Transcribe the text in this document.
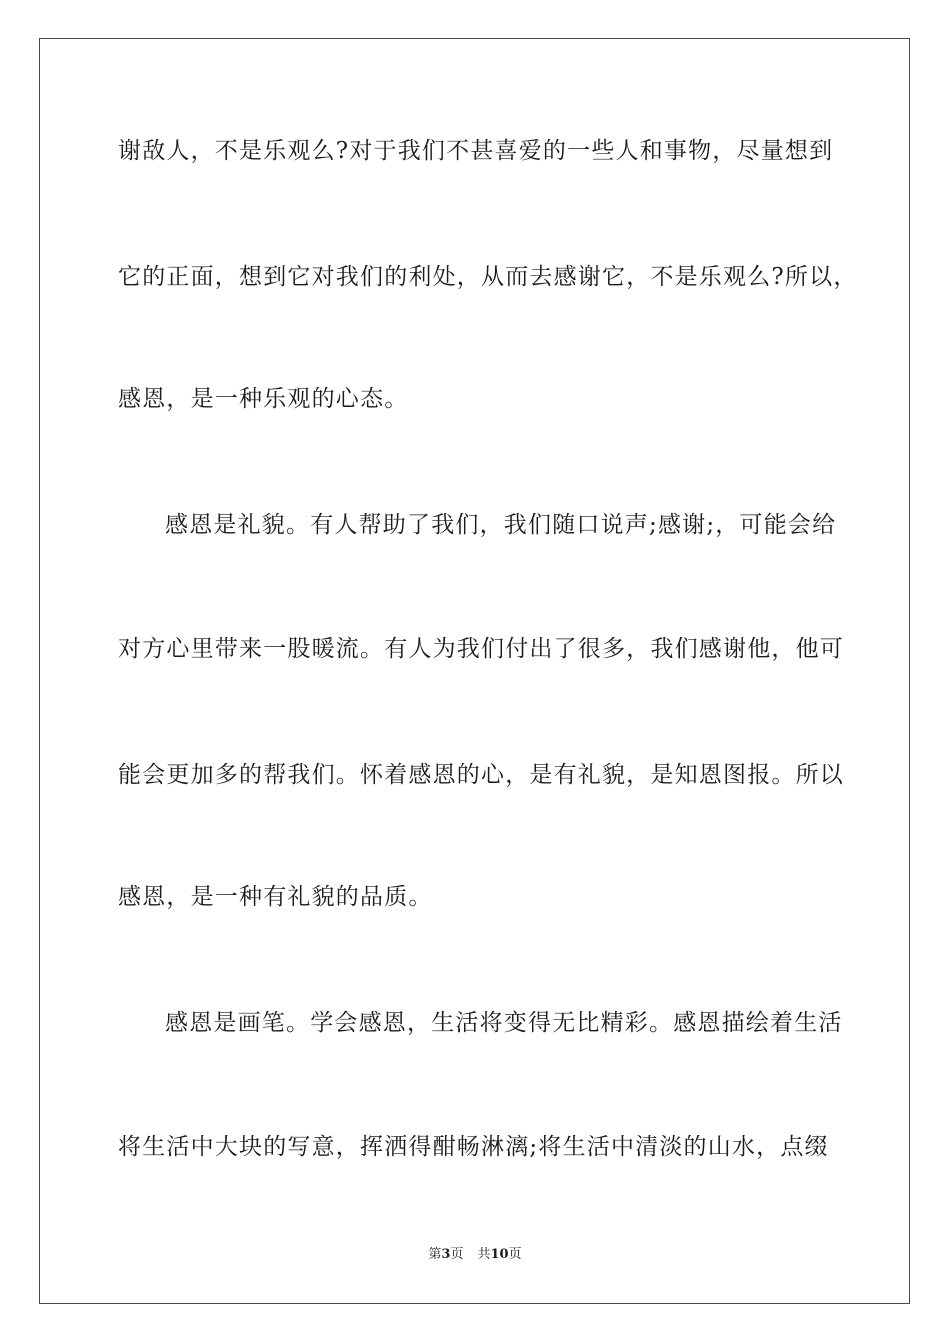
谢敌人，不是乐观么?对于我们不甚喜爱的一些人和事物，尽量想到
它的正面，想到它对我们的利处，从而去感谢它，不是乐观么?所以，
感恩，是一种乐观的心态。
感恩是礼貌。有人帮助了我们，我们随口说声;感谢;，可能会给
对方心里带来一股暖流。有人为我们付出了很多，我们感谢他，他可
能会更加多的帮我们。怀着感恩的心，是有礼貌，是知恩图报。所以
感恩，是一种有礼貌的品质。
感恩是画笔。学会感恩，生活将变得无比精彩。感恩描绘着生活
将生活中大块的写意，挥洒得酣畅淋漓;将生活中清淡的山水，点缀
第3页 共10页
